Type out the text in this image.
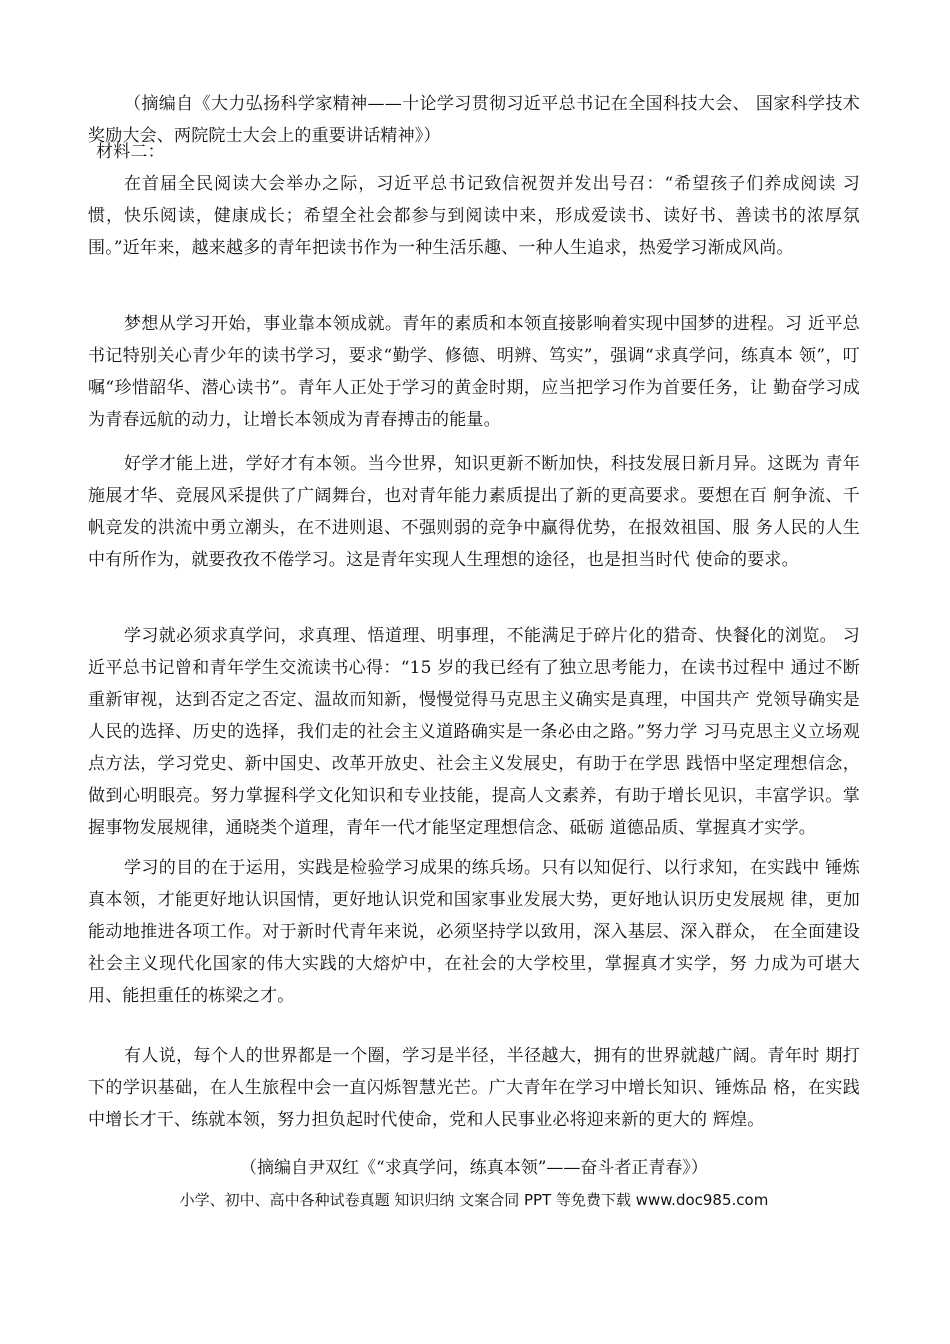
（摘编自《大力弘扬科学家精神——十论学习贯彻习近平总书记在全国科技大会、 国家科学技术奖励大会、两院院士大会上的重要讲话精神》）
材料二：
在首届全民阅读大会举办之际，习近平总书记致信祝贺并发出号召：“希望孩子们养成阅读 习惯，快乐阅读，健康成长；希望全社会都参与到阅读中来，形成爱读书、读好书、善读书的浓厚氛围。”近年来，越来越多的青年把读书作为一种生活乐趣、一种人生追求，热爱学习渐成风尚。
梦想从学习开始，事业靠本领成就。青年的素质和本领直接影响着实现中国梦的进程。习 近平总书记特别关心青少年的读书学习，要求“勤学、修德、明辨、笃实”，强调“求真学问，练真本 领”，叮嘱“珍惜韶华、潜心读书”。青年人正处于学习的黄金时期，应当把学习作为首要任务，让 勤奋学习成为青春远航的动力，让增长本领成为青春搏击的能量。
好学才能上进，学好才有本领。当今世界，知识更新不断加快，科技发展日新月异。这既为 青年施展才华、竞展风采提供了广阔舞台，也对青年能力素质提出了新的更高要求。要想在百 舸争流、千帆竞发的洪流中勇立潮头，在不进则退、不强则弱的竞争中赢得优势，在报效祖国、服 务人民的人生中有所作为，就要孜孜不倦学习。这是青年实现人生理想的途径，也是担当时代 使命的要求。
学习就必须求真学问，求真理、悟道理、明事理，不能满足于碎片化的猎奇、快餐化的浏览。 习近平总书记曾和青年学生交流读书心得：“15 岁的我已经有了独立思考能力，在读书过程中 通过不断重新审视，达到否定之否定、温故而知新，慢慢觉得马克思主义确实是真理，中国共产 党领导确实是人民的选择、历史的选择，我们走的社会主义道路确实是一条必由之路。”努力学 习马克思主义立场观点方法，学习党史、新中国史、改革开放史、社会主义发展史，有助于在学思 践悟中坚定理想信念，做到心明眼亮。努力掌握科学文化知识和专业技能，提高人文素养，有助于增长见识，丰富学识。掌握事物发展规律，通晓类个道理，青年一代才能坚定理想信念、砥砺 道德品质、掌握真才实学。
学习的目的在于运用，实践是检验学习成果的练兵场。只有以知促行、以行求知，在实践中 锤炼真本领，才能更好地认识国情，更好地认识党和国家事业发展大势，更好地认识历史发展规 律，更加能动地推进各项工作。对于新时代青年来说，必须坚持学以致用，深入基层、深入群众， 在全面建设社会主义现代化国家的伟大实践的大熔炉中，在社会的大学校里，掌握真才实学，努 力成为可堪大用、能担重任的栋梁之才。
有人说，每个人的世界都是一个圈，学习是半径，半径越大，拥有的世界就越广阔。青年时 期打下的学识基础，在人生旅程中会一直闪烁智慧光芒。广大青年在学习中增长知识、锤炼品 格，在实践中增长才干、练就本领，努力担负起时代使命，党和人民事业必将迎来新的更大的 辉煌。
（摘编自尹双红《“求真学问，练真本领”——奋斗者正青春》）
小学、初中、高中各种试卷真题 知识归纳 文案合同 PPT 等免费下载 www.doc985.com
